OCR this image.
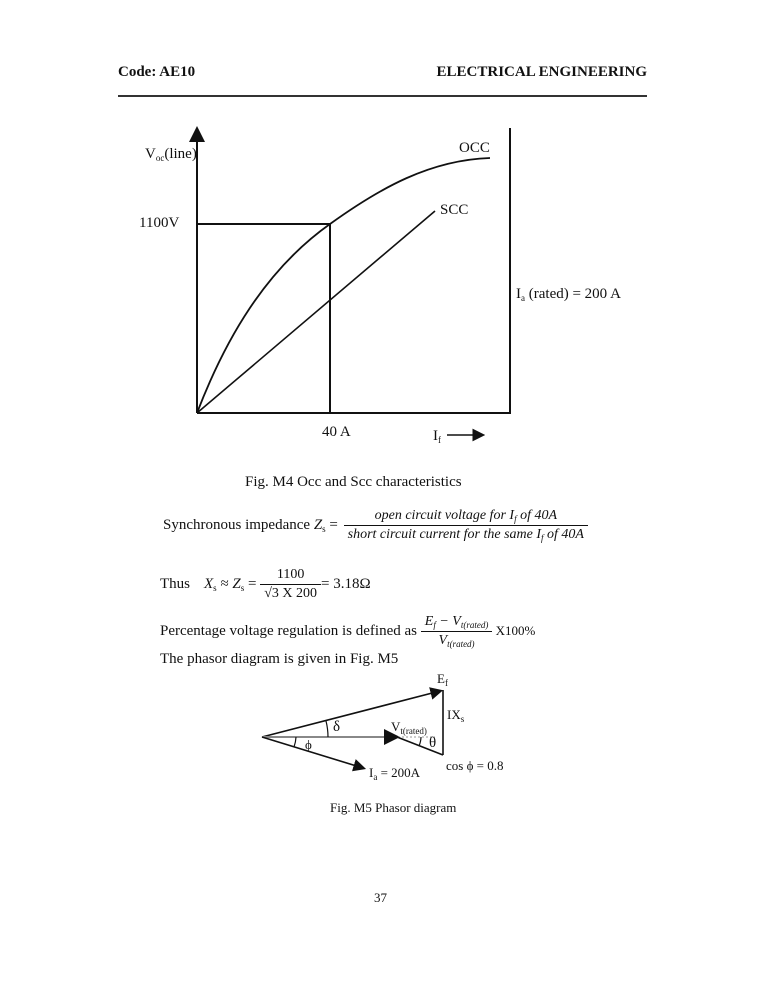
Code: AE10	ELECTRICAL ENGINEERING
$V_{oc}(line)$	OCC
SCC
1100V
$I_a$ (rated) = 200 A
40 A	$I_f$
Fig. M4 Occ and Scc characteristics
Synchronous impedance $Z_s = \frac{open circuit voltage for I_f of 40A}{short circuit current for the same I_f of 40A}$
Thus $X_s \approx Z_s = \frac{1100}{√3 X 200} = 3.18\Omega$
Percentage voltage regulation is defined as $\frac{E_f - V_{t(rated)}}{V_{t(rated)}} X100\%$
The phasor diagram is given in Fig. M5
$E_f$
$IX_s$
$V_{t(rated)}$
δ
ϕ	θ
cos ϕ = 0.8
$I_a = 200A$
Fig. M5 Phasor diagram
37
